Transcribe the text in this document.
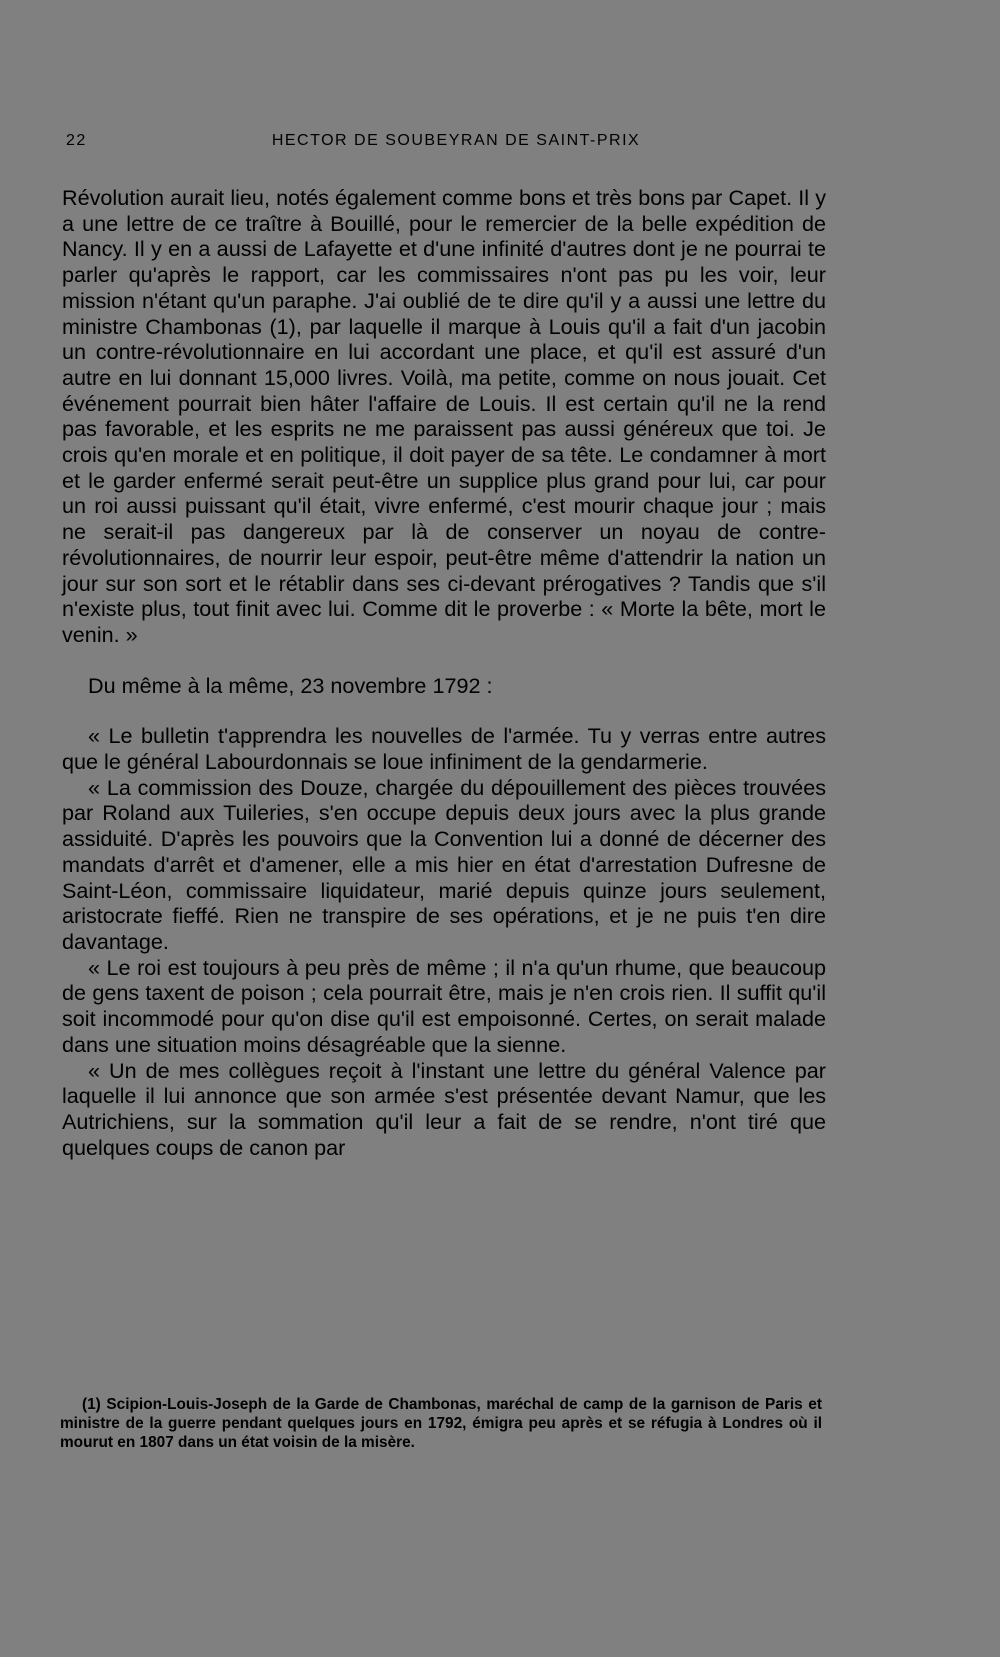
22	HECTOR DE SOUBEYRAN DE SAINT-PRIX

Révolution aurait lieu, notés également comme bons et très bons par Capet. Il y a une lettre de ce traître à Bouillé, pour le remercier de la belle expédition de Nancy. Il y en a aussi de Lafayette et d'une infinité d'autres dont je ne pourrai te parler qu'après le rapport, car les commissaires n'ont pas pu les voir, leur mission n'étant qu'un paraphe. J'ai oublié de te dire qu'il y a aussi une lettre du ministre Chambonas (1), par laquelle il marque à Louis qu'il a fait d'un jacobin un contre-révolutionnaire en lui accordant une place, et qu'il est assuré d'un autre en lui donnant 15,000 livres. Voilà, ma petite, comme on nous jouait. Cet événement pourrait bien hâter l'affaire de Louis. Il est certain qu'il ne la rend pas favorable, et les esprits ne me paraissent pas aussi généreux que toi. Je crois qu'en morale et en politique, il doit payer de sa tête. Le condamner à mort et le garder enfermé serait peut-être un supplice plus grand pour lui, car pour un roi aussi puissant qu'il était, vivre enfermé, c'est mourir chaque jour ; mais ne serait-il pas dangereux par là de conserver un noyau de contre-révolutionnaires, de nourrir leur espoir, peut-être même d'attendrir la nation un jour sur son sort et le rétablir dans ses ci-devant prérogatives ? Tandis que s'il n'existe plus, tout finit avec lui. Comme dit le proverbe : « Morte la bête, mort le venin. »

Du même à la même, 23 novembre 1792 :

« Le bulletin t'apprendra les nouvelles de l'armée. Tu y verras entre autres que le général Labourdonnais se loue infiniment de la gendarmerie.

« La commission des Douze, chargée du dépouillement des pièces trouvées par Roland aux Tuileries, s'en occupe depuis deux jours avec la plus grande assiduité. D'après les pouvoirs que la Convention lui a donné de décerner des mandats d'arrêt et d'amener, elle a mis hier en état d'arrestation Dufresne de Saint-Léon, commissaire liquidateur, marié depuis quinze jours seulement, aristocrate fieffé. Rien ne transpire de ses opérations, et je ne puis t'en dire davantage.

« Le roi est toujours à peu près de même ; il n'a qu'un rhume, que beaucoup de gens taxent de poison ; cela pourrait être, mais je n'en crois rien. Il suffit qu'il soit incommodé pour qu'on dise qu'il est empoisonné. Certes, on serait malade dans une situation moins désagréable que la sienne.

« Un de mes collègues reçoit à l'instant une lettre du général Valence par laquelle il lui annonce que son armée s'est présentée devant Namur, que les Autrichiens, sur la sommation qu'il leur a fait de se rendre, n'ont tiré que quelques coups de canon par

(1) Scipion-Louis-Joseph de la Garde de Chambonas, maréchal de camp de la garnison de Paris et ministre de la guerre pendant quelques jours en 1792, émigra peu après et se réfugia à Londres où il mourut en 1807 dans un état voisin de la misère.
